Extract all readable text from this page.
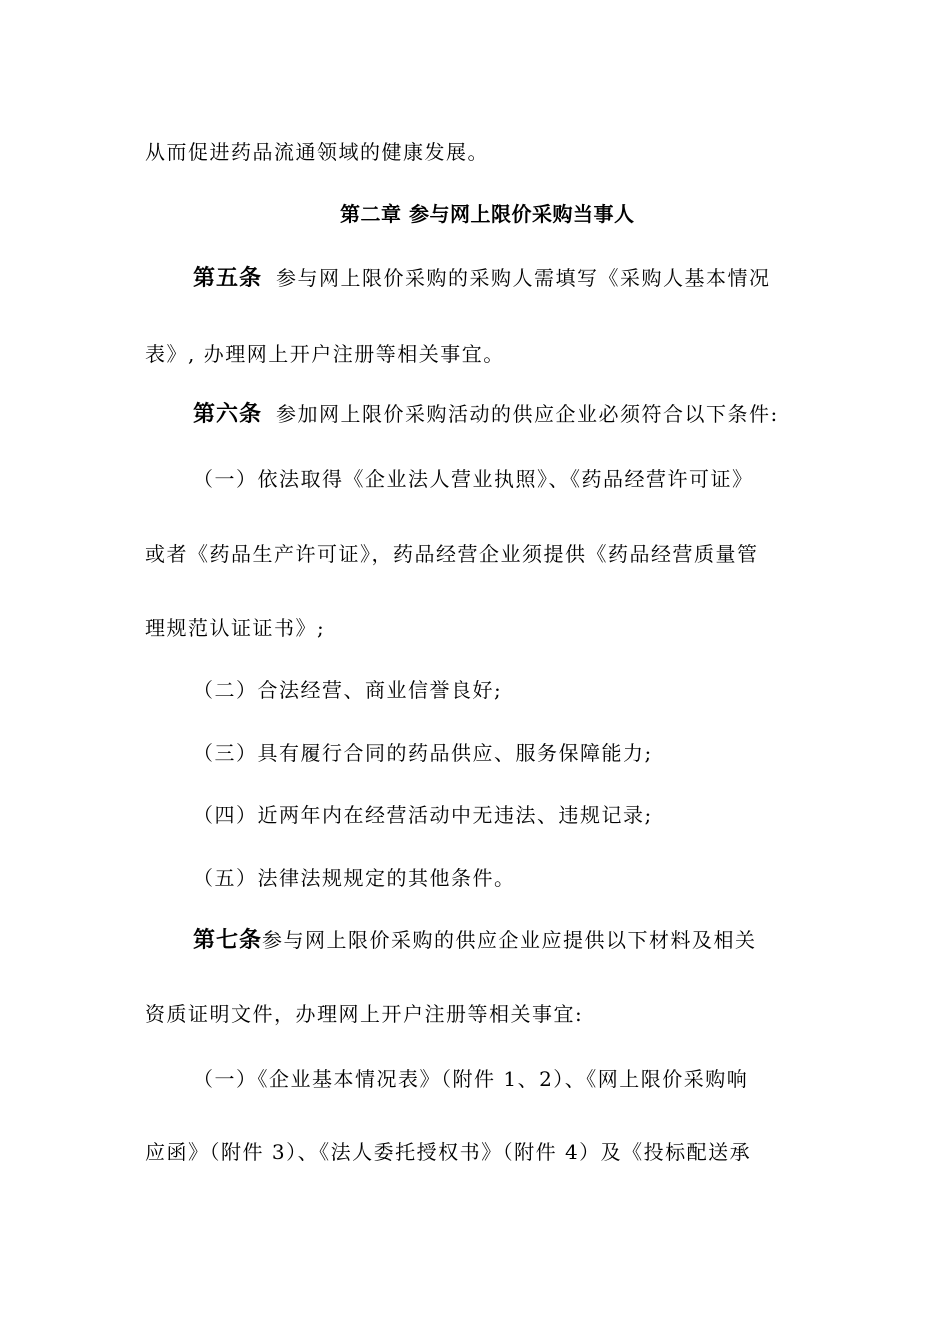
从而促进药品流通领域的健康发展。
第二章 参与网上限价采购当事人
第五条 参与网上限价采购的采购人需填写《采购人基本情况
表》, 办理网上开户注册等相关事宜。
第六条 参加网上限价采购活动的供应企业必须符合以下条件:
（一）依法取得《企业法人营业执照》、《药品经营许可证》
或者《药品生产许可证》，药品经营企业须提供《药品经营质量管
理规范认证证书》;
（二）合法经营、商业信誉良好;
（三）具有履行合同的药品供应、服务保障能力;
（四）近两年内在经营活动中无违法、违规记录;
（五）法律法规规定的其他条件。
第七条参与网上限价采购的供应企业应提供以下材料及相关
资质证明文件，办理网上开户注册等相关事宜:
（一）《企业基本情况表》（附件 1、2）、《网上限价采购响
应函》（附件 3）、《法人委托授权书》（附件 4）及《投标配送承
